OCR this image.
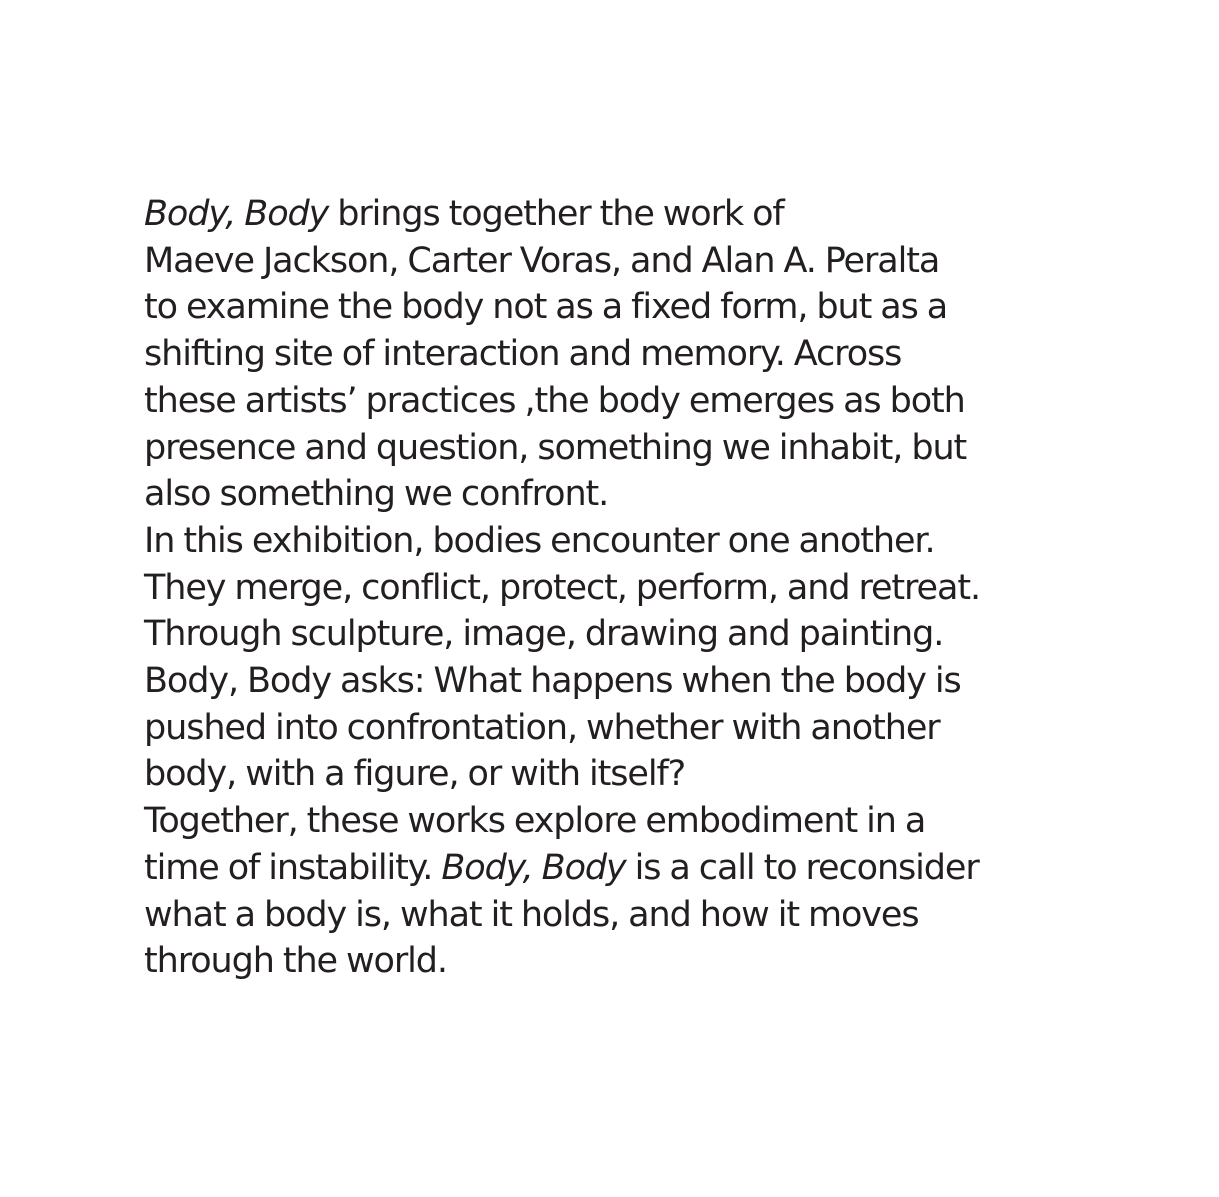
Body, Body brings together the work of
Maeve Jackson, Carter Voras, and Alan A. Peralta
to examine the body not as a fixed form, but as a
shifting site of interaction and memory. Across
these artists’ practices ,the body emerges as both
presence and question, something we inhabit, but
also something we confront.
In this exhibition, bodies encounter one another.
They merge, conflict, protect, perform, and retreat.
Through sculpture, image, drawing and painting.
Body, Body asks: What happens when the body is
pushed into confrontation, whether with another
body, with a figure, or with itself?
Together, these works explore embodiment in a
time of instability. Body, Body is a call to reconsider
what a body is, what it holds, and how it moves
through the world.
